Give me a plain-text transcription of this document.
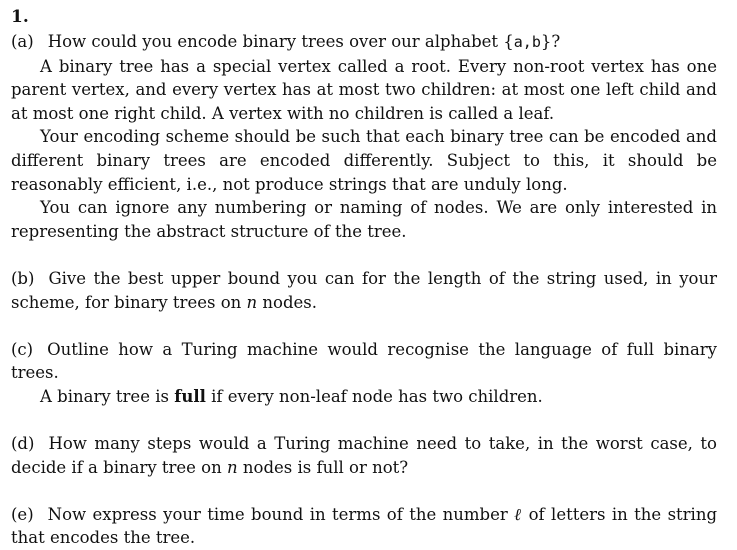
1.

(a) How could you encode binary trees over our alphabet {a,b}?

A binary tree has a special vertex called a root. Every non-root vertex has one parent vertex, and every vertex has at most two children: at most one left child and at most one right child. A vertex with no children is called a leaf.

Your encoding scheme should be such that each binary tree can be encoded and different binary trees are encoded differently. Subject to this, it should be reasonably efficient, i.e., not produce strings that are unduly long.

You can ignore any numbering or naming of nodes. We are only interested in representing the abstract structure of the tree.

(b) Give the best upper bound you can for the length of the string used, in your scheme, for binary trees on n nodes.

(c) Outline how a Turing machine would recognise the language of full binary trees.

A binary tree is full if every non-leaf node has two children.

(d) How many steps would a Turing machine need to take, in the worst case, to decide if a binary tree on n nodes is full or not?

(e) Now express your time bound in terms of the number ℓ of letters in the string that encodes the tree.
